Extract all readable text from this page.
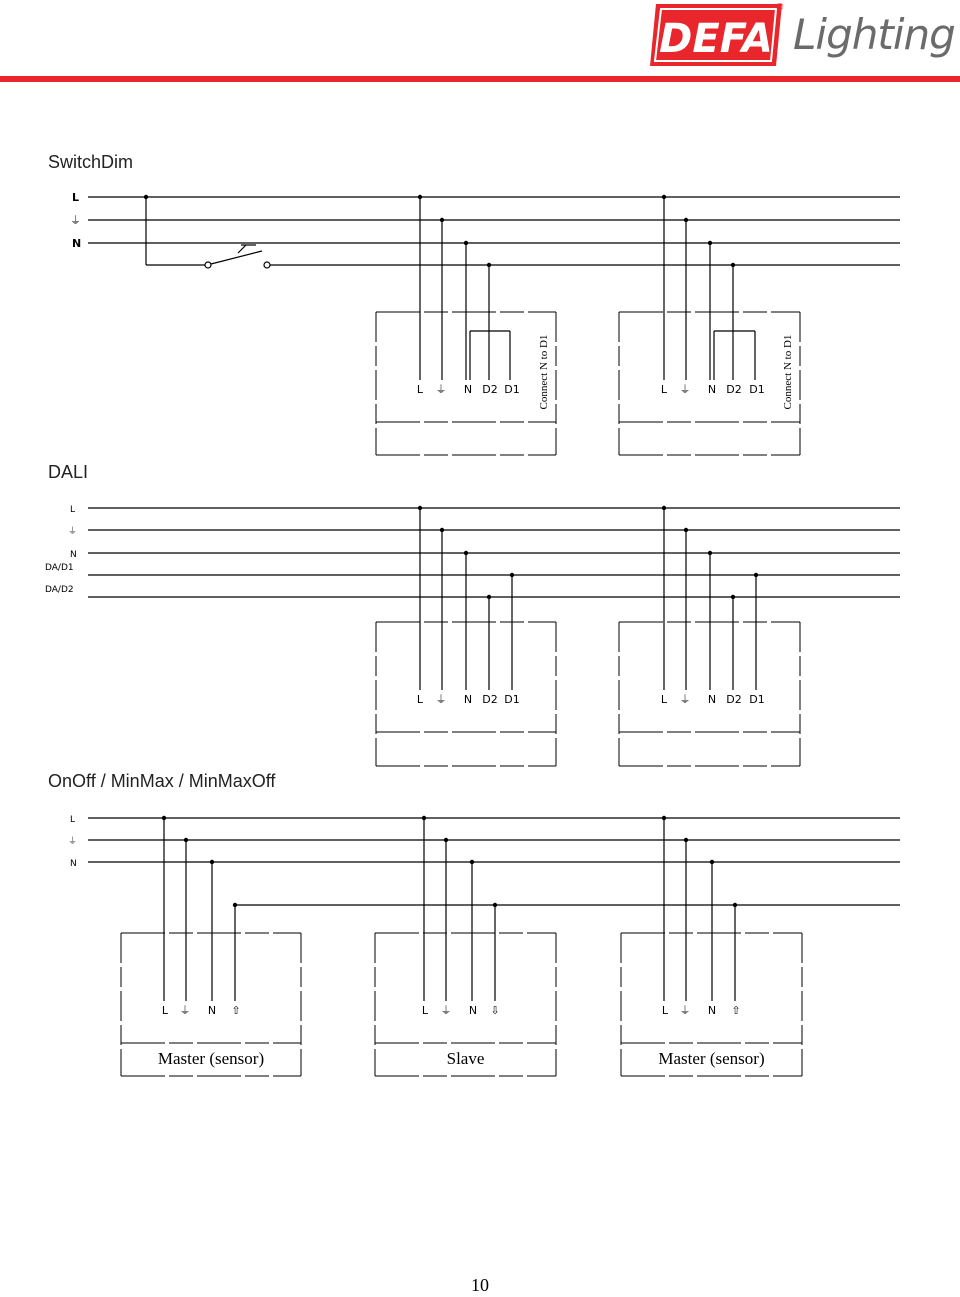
DEFA
®
Lighting
SwitchDim
DALI
OnOff / MinMax / MinMaxOff
L
⏚
N
L ⏚ N D2 D1 Connect N to D1	L ⏚ N D2 D1 Connect N to D1
L
⏚
N
DA/D1
DA/D2
L ⏚ N D2 D1	L ⏚ N D2 D1
L
⏚
N
L ⏚ N ⇧
Master (sensor)
L ⏚ N ⇩
Slave
L ⏚ N ⇧
Master (sensor)
10
